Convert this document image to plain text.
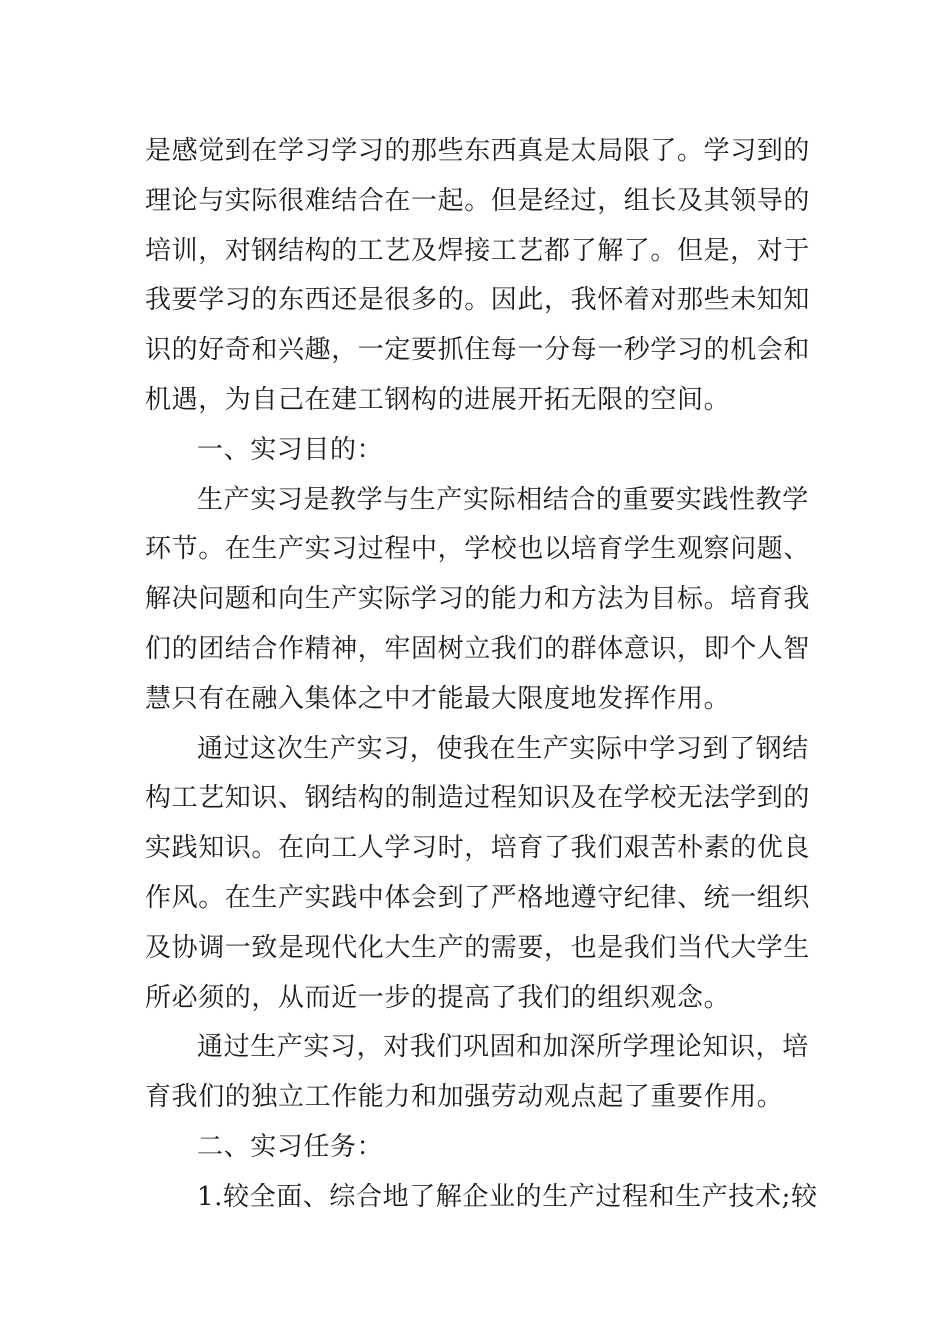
是感觉到在学习学习的那些东西真是太局限了。学习到的
理论与实际很难结合在一起。但是经过，组长及其领导的
培训，对钢结构的工艺及焊接工艺都了解了。但是，对于
我要学习的东西还是很多的。因此，我怀着对那些未知知
识的好奇和兴趣，一定要抓住每一分每一秒学习的机会和
机遇，为自己在建工钢构的进展开拓无限的空间。
一、实习目的：
生产实习是教学与生产实际相结合的重要实践性教学
环节。在生产实习过程中，学校也以培育学生观察问题、
解决问题和向生产实际学习的能力和方法为目标。培育我
们的团结合作精神，牢固树立我们的群体意识，即个人智
慧只有在融入集体之中才能最大限度地发挥作用。
通过这次生产实习，使我在生产实际中学习到了钢结
构工艺知识、钢结构的制造过程知识及在学校无法学到的
实践知识。在向工人学习时，培育了我们艰苦朴素的优良
作风。在生产实践中体会到了严格地遵守纪律、统一组织
及协调一致是现代化大生产的需要，也是我们当代大学生
所必须的，从而近一步的提高了我们的组织观念。
通过生产实习，对我们巩固和加深所学理论知识，培
育我们的独立工作能力和加强劳动观点起了重要作用。
二、实习任务：
1.较全面、综合地了解企业的生产过程和生产技术;较
